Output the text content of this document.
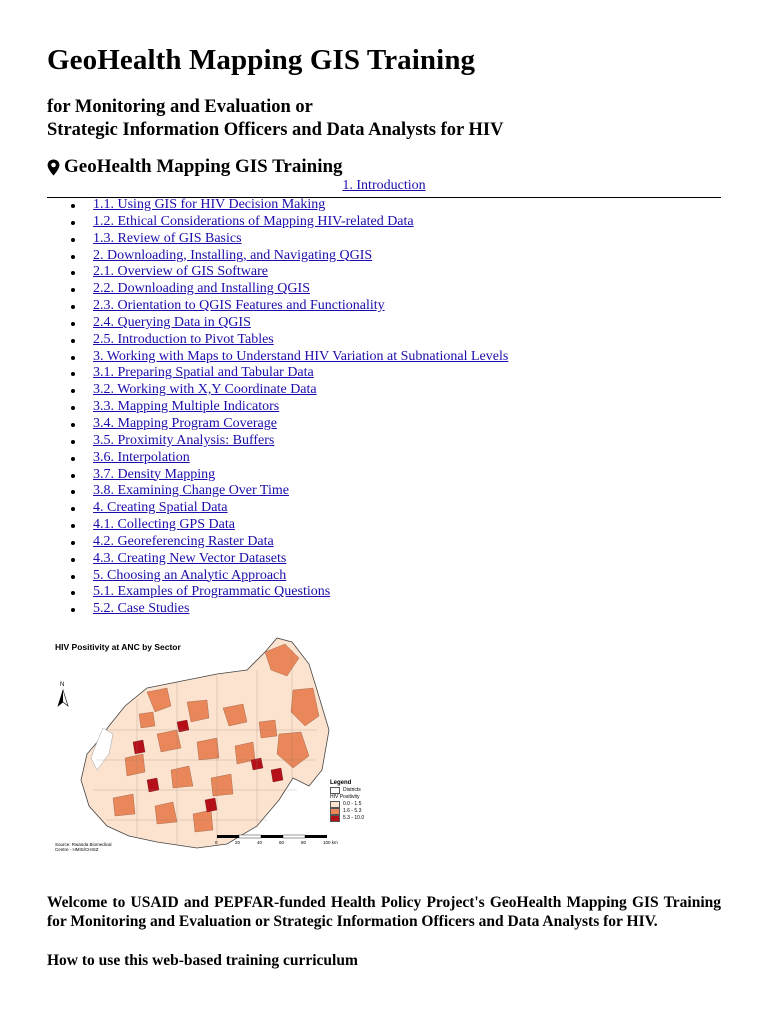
GeoHealth Mapping GIS Training
for Monitoring and Evaluation or
Strategic Information Officers and Data Analysts for HIV
GeoHealth Mapping GIS Training
1. Introduction
1.1. Using GIS for HIV Decision Making
1.2. Ethical Considerations of Mapping HIV-related Data
1.3. Review of GIS Basics
2. Downloading, Installing, and Navigating QGIS
2.1. Overview of GIS Software
2.2. Downloading and Installing QGIS
2.3. Orientation to QGIS Features and Functionality
2.4. Querying Data in QGIS
2.5. Introduction to Pivot Tables
3. Working with Maps to Understand HIV Variation at Subnational Levels
3.1. Preparing Spatial and Tabular Data
3.2. Working with X,Y Coordinate Data
3.3. Mapping Multiple Indicators
3.4. Mapping Program Coverage
3.5. Proximity Analysis: Buffers
3.6. Interpolation
3.7. Density Mapping
3.8. Examining Change Over Time
4. Creating Spatial Data
4.1. Collecting GPS Data
4.2. Georeferencing Raster Data
4.3. Creating New Vector Datasets
5. Choosing an Analytic Approach
5.1. Examples of Programmatic Questions
5.2. Case Studies
HIV Positivity at ANC by Sector
N
Legend
Districts
HIV Positivity
0.0 - 1.5
1.6 - 5.3
5.3 - 10.0
Source: Rwanda Biomedical Centre - HMIS/CHISZ
0	20	40	60	80	100 km

Welcome to USAID and PEPFAR-funded Health Policy Project's GeoHealth Mapping GIS Training for Monitoring and Evaluation or Strategic Information Officers and Data Analysts for HIV.

How to use this web-based training curriculum
